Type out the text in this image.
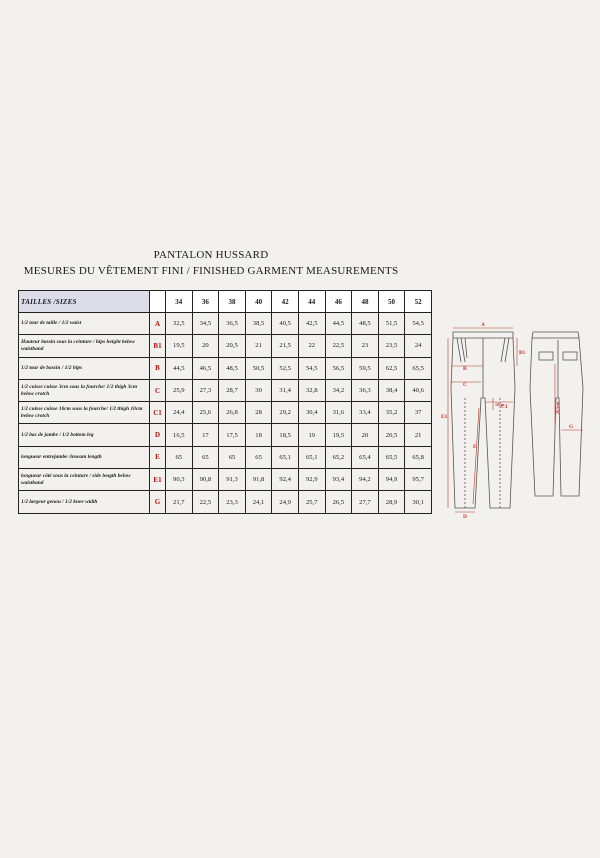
PANTALON HUSSARD
MESURES DU VÊTEMENT FINI / FINISHED GARMENT MEASUREMENTS
TAILLES /SIZES		34	36	38	40	42	44	46	48	50	52
1/2 tour de taille / 1/2 waist	A	32,5	34,5	36,5	38,5	40,5	42,5	44,5	48,5	51,5	54,5
Hauteur bassin sous la ceinture / hips height below waistband	B1	19,5	20	20,5	21	21,5	22	22,5	23	23,5	24
1/2 tour de bassin / 1/2 hips	B	44,5	46,5	48,5	50,5	52,5	54,5	56,5	59,5	62,5	65,5
1/2 cuisse cuisse 3cm sous la fourche/ 1/2 thigh 3cm below crotch	C	25,9	27,3	28,7	30	31,4	32,8	34,2	36,3	38,4	40,6
1/2 cuisse cuisse 10cm sous la fourche/ 1/2 thigh 10cm below crotch	C1	24,4	25,6	26,8	28	29,2	30,4	31,6	33,4	35,2	37
1/2 bas de jambe / 1/2 bottom leg	D	16,5	17	17,5	18	18,5	19	19,5	20	20,5	21
longueur entrejambe /inseam length	E	65	65	65	65	65,1	65,1	65,2	65,4	65,5	65,8
longueur côté sous la ceinture / side length below waistband	E1	90,3	90,8	91,3	91,8	92,4	92,9	93,4	94,2	94,9	95,7
1/2 largeur genou / 1/2 knee width	G	21,7	22,5	23,3	24,1	24,9	25,7	26,5	27,7	28,9	30,1
A
B1
B
C
10cm
C1
E
E1
D
26,5cm
G
